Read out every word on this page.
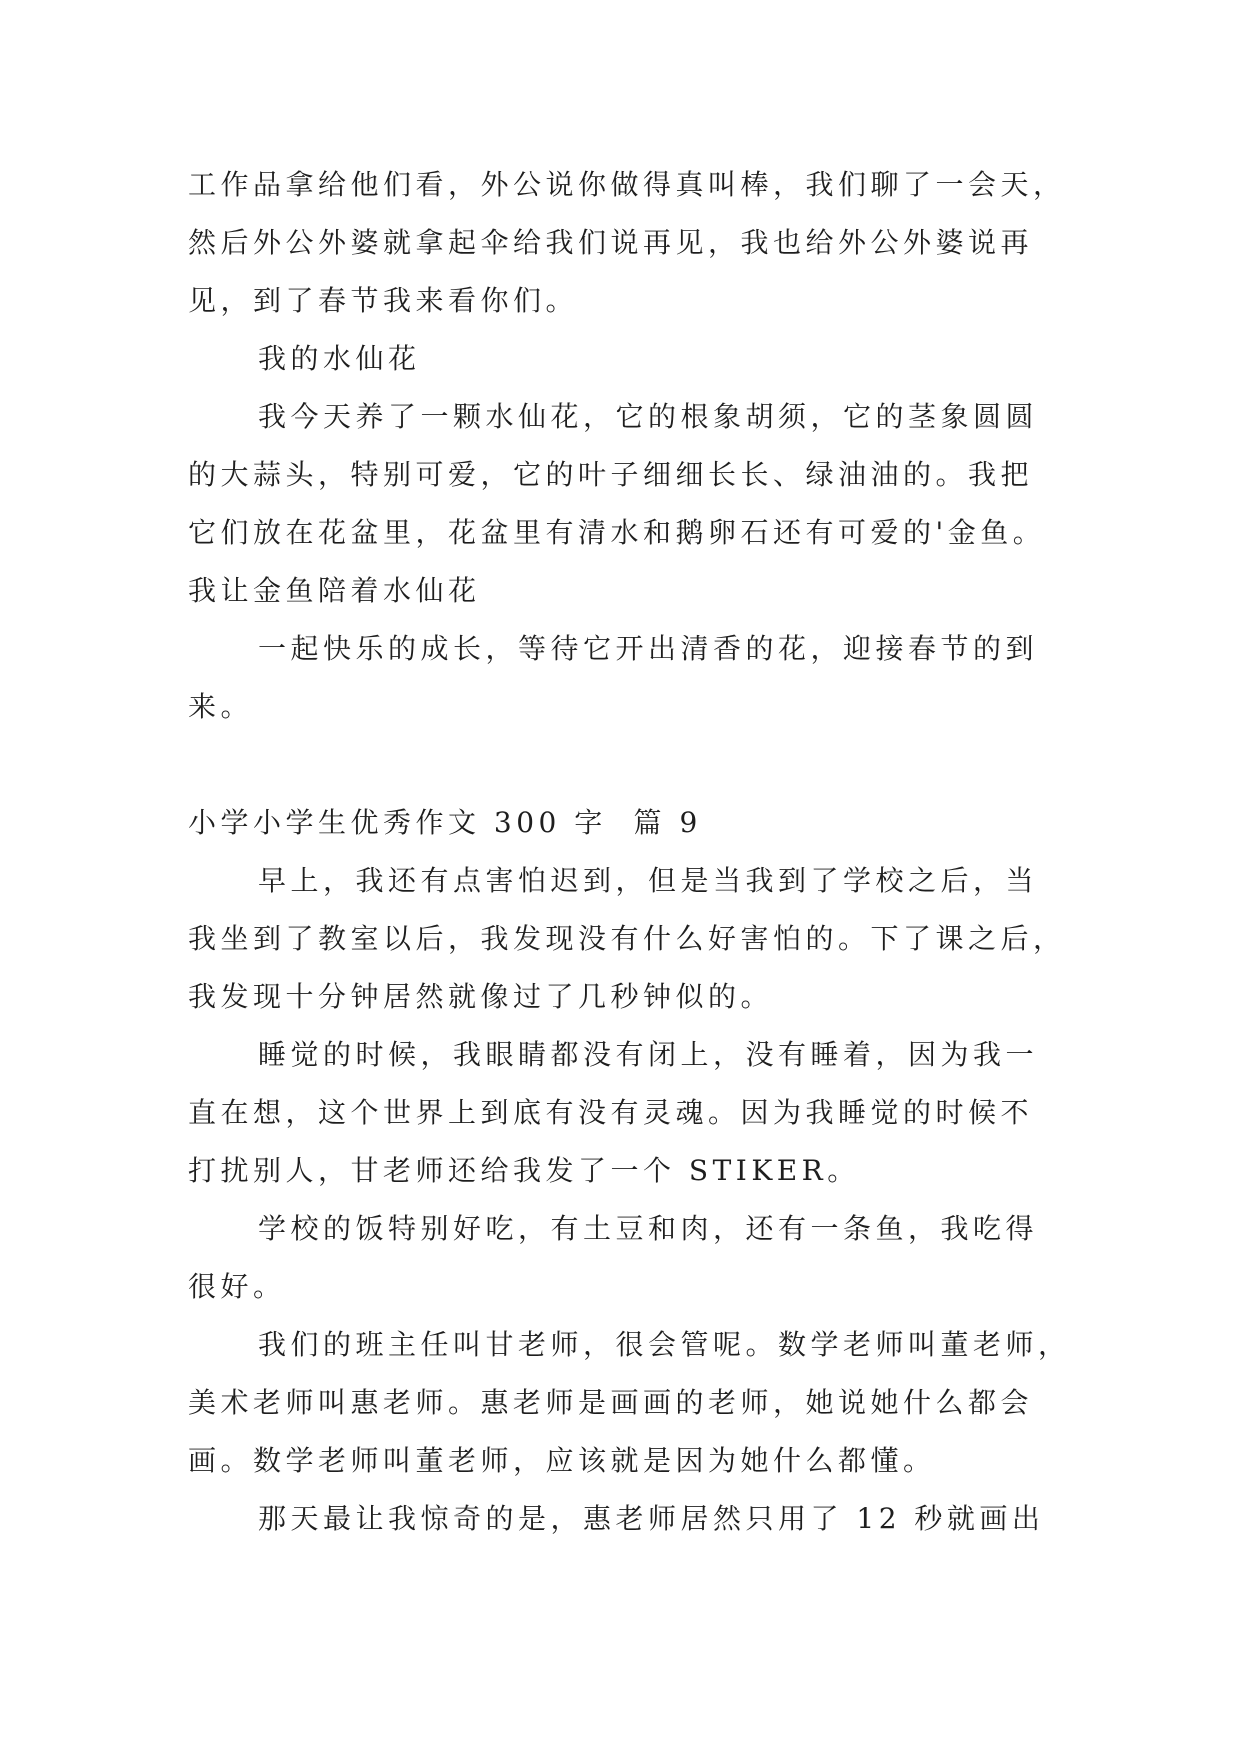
工作品拿给他们看，外公说你做得真叫棒，我们聊了一会天，
然后外公外婆就拿起伞给我们说再见，我也给外公外婆说再
见，到了春节我来看你们。
我的水仙花
我今天养了一颗水仙花，它的根象胡须，它的茎象圆圆
的大蒜头，特别可爱，它的叶子细细长长、绿油油的。我把
它们放在花盆里，花盆里有清水和鹅卵石还有可爱的'金鱼。
我让金鱼陪着水仙花
一起快乐的成长，等待它开出清香的花，迎接春节的到
来。
小学小学生优秀作文 300 字  篇 9
早上，我还有点害怕迟到，但是当我到了学校之后，当
我坐到了教室以后，我发现没有什么好害怕的。下了课之后，
我发现十分钟居然就像过了几秒钟似的。
睡觉的时候，我眼睛都没有闭上，没有睡着，因为我一
直在想，这个世界上到底有没有灵魂。因为我睡觉的时候不
打扰别人，甘老师还给我发了一个 STIKER。
学校的饭特别好吃，有土豆和肉，还有一条鱼，我吃得
很好。
我们的班主任叫甘老师，很会管呢。数学老师叫董老师，
美术老师叫惠老师。惠老师是画画的老师，她说她什么都会
画。数学老师叫董老师，应该就是因为她什么都懂。
那天最让我惊奇的是，惠老师居然只用了 12 秒就画出
